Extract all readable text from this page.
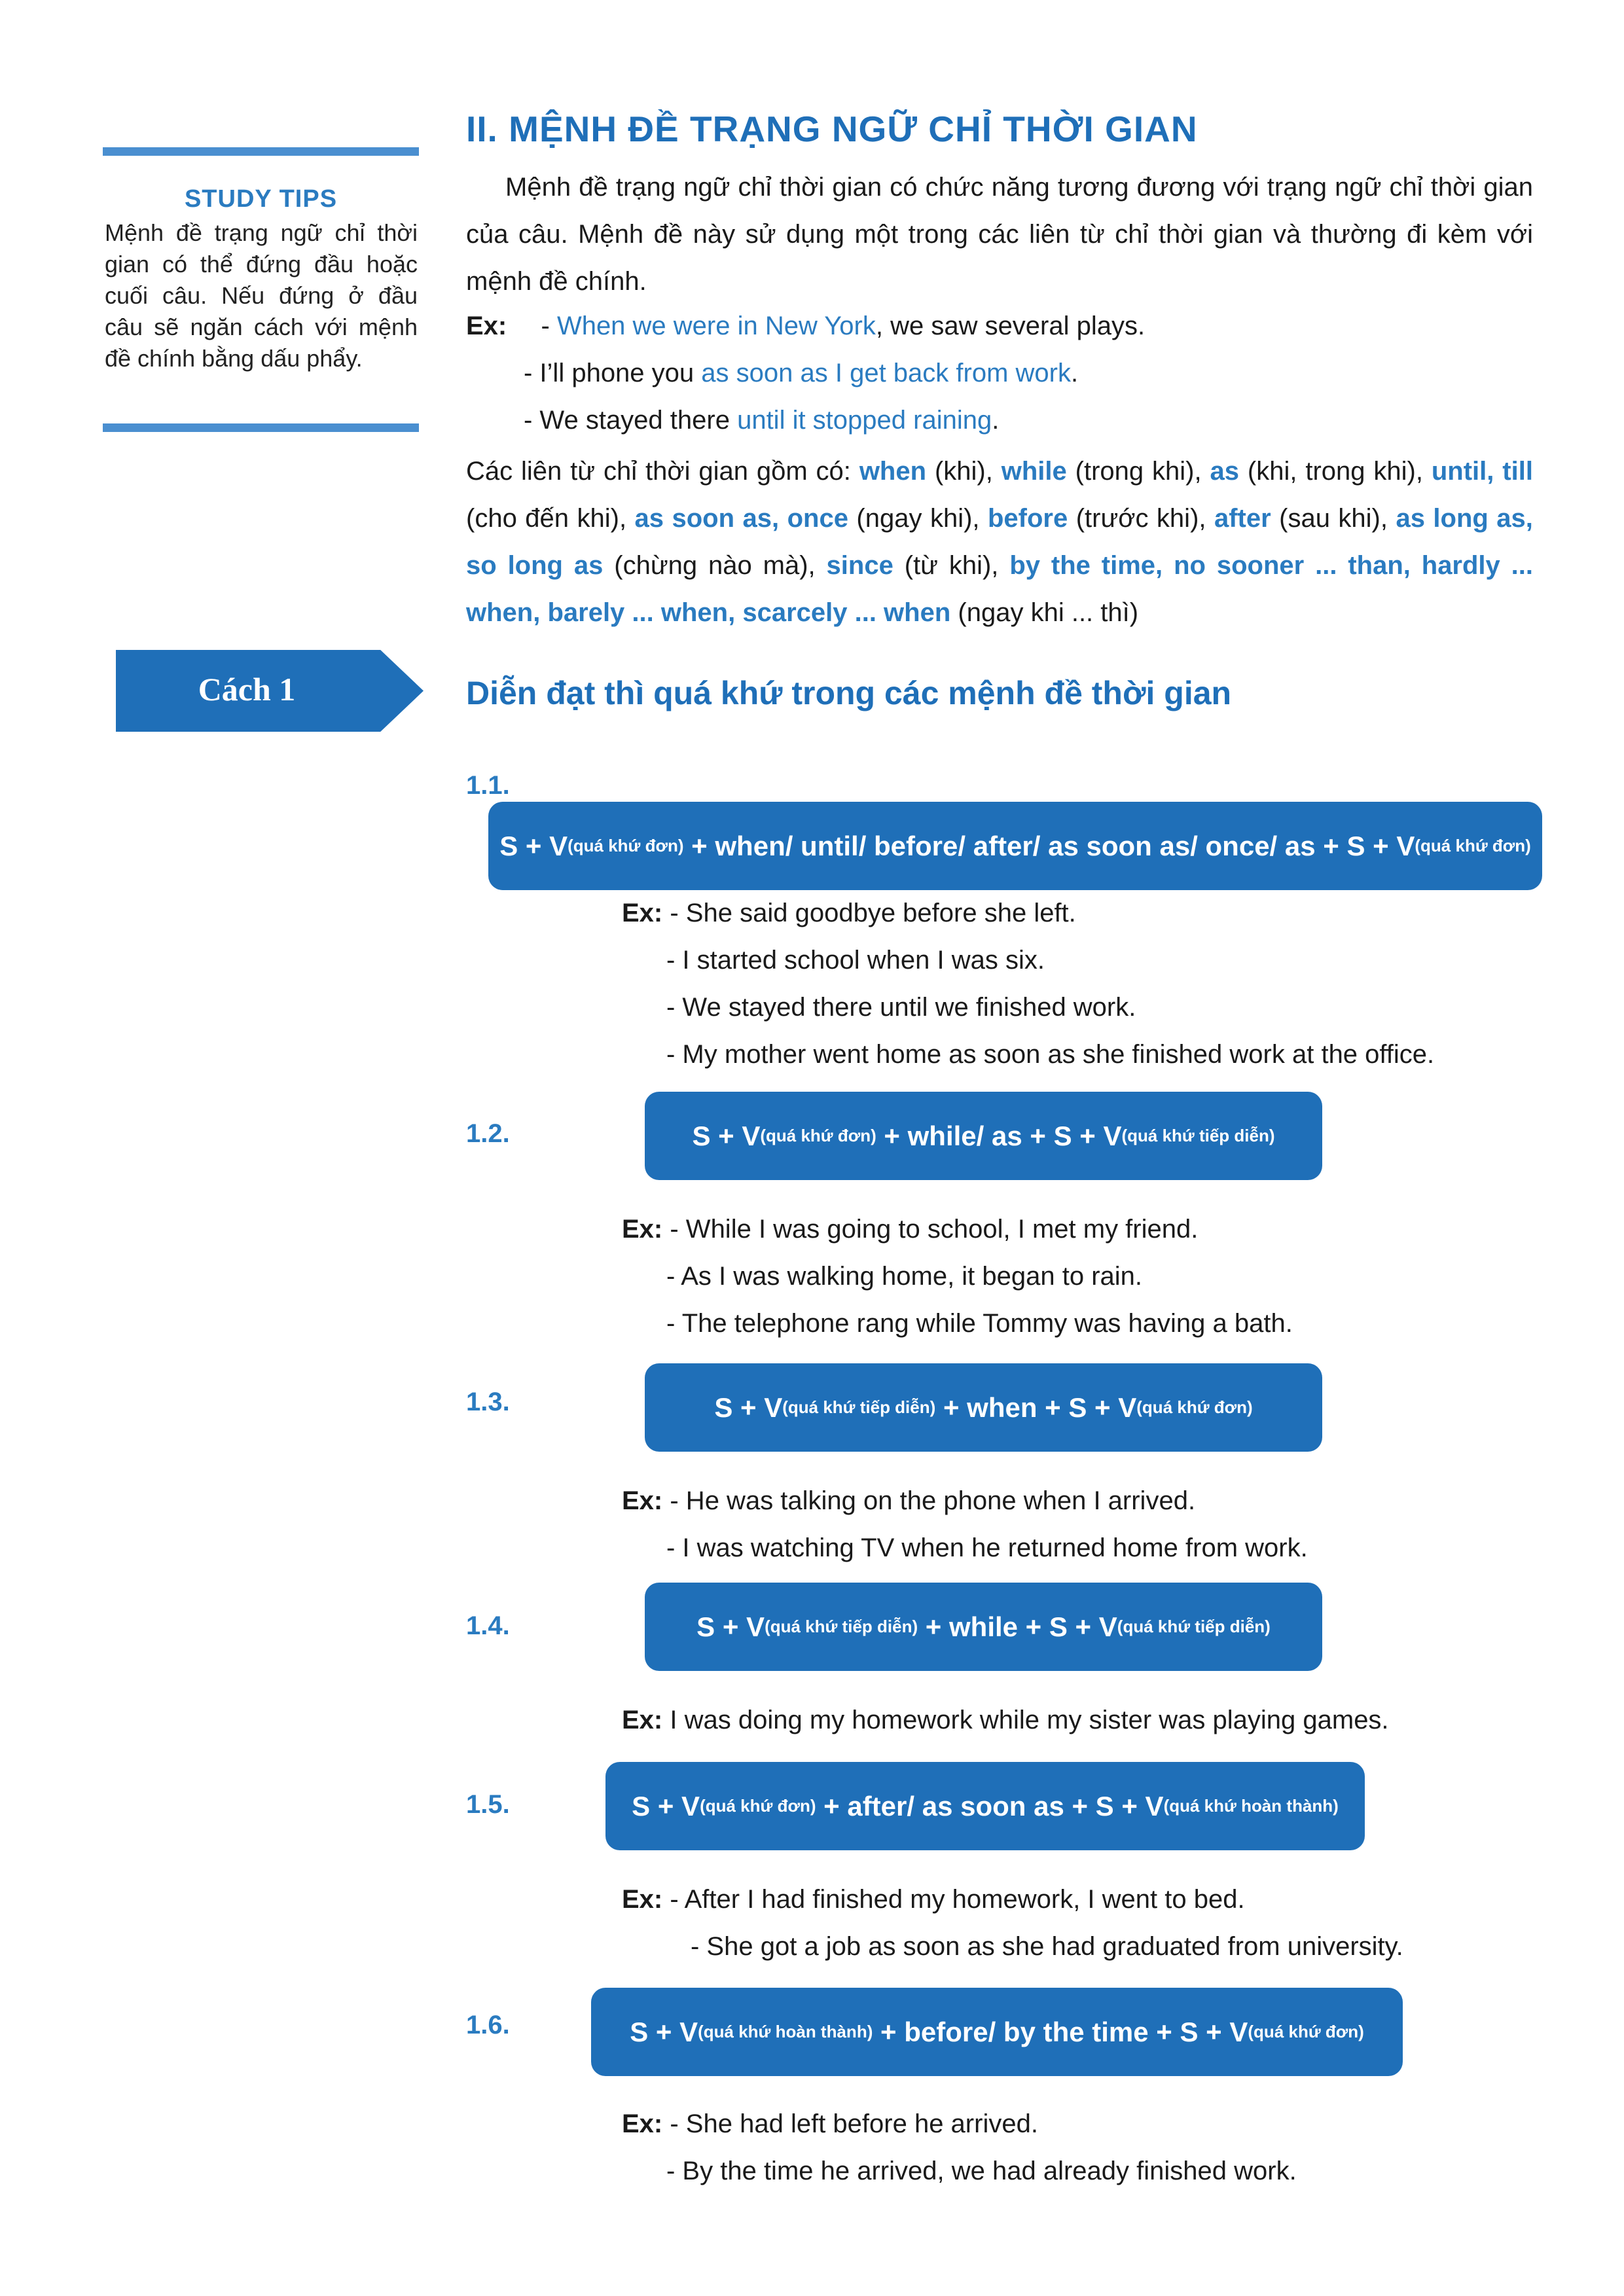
STUDY TIPS
Mệnh đề trạng ngữ chỉ thời gian có thể đứng đầu hoặc cuối câu. Nếu đứng ở đầu câu sẽ ngăn cách với mệnh đề chính bằng dấu phẩy.
II. MỆNH ĐỀ TRẠNG NGỮ CHỈ THỜI GIAN
Mệnh đề trạng ngữ chỉ thời gian có chức năng tương đương với trạng ngữ chỉ thời gian của câu. Mệnh đề này sử dụng một trong các liên từ chỉ thời gian và thường đi kèm với mệnh đề chính.
Ex: - When we were in New York, we saw several plays.
- I’ll phone you as soon as I get back from work.
- We stayed there until it stopped raining.
Các liên từ chỉ thời gian gồm có: when (khi), while (trong khi), as (khi, trong khi), until, till (cho đến khi), as soon as, once (ngay khi), before (trước khi), after (sau khi), as long as, so long as (chừng nào mà), since (từ khi), by the time, no sooner ... than, hardly ... when, barely ... when, scarcely ... when (ngay khi ... thì)
Cách 1	Diễn đạt thì quá khứ trong các mệnh đề thời gian
1.1.
S + V (quá khứ đơn) + when/ until/ before/ after/ as soon as/ once/ as + S + V (quá khứ đơn)
Ex: - She said goodbye before she left.
- I started school when I was six.
- We stayed there until we finished work.
- My mother went home as soon as she finished work at the office.
1.2.	S + V (quá khứ đơn) + while/ as + S + V (quá khứ tiếp diễn)
Ex: - While I was going to school, I met my friend.
- As I was walking home, it began to rain.
- The telephone rang while Tommy was having a bath.
1.3.	S + V (quá khứ tiếp diễn) + when + S + V (quá khứ đơn)
Ex: - He was talking on the phone when I arrived.
- I was watching TV when he returned home from work.
1.4.	S + V (quá khứ tiếp diễn) + while + S + V (quá khứ tiếp diễn)
Ex: I was doing my homework while my sister was playing games.
1.5.	S + V (quá khứ đơn) + after/ as soon as + S + V (quá khứ hoàn thành)
Ex: - After I had finished my homework, I went to bed.
- She got a job as soon as she had graduated from university.
1.6.	S + V (quá khứ hoàn thành) + before/ by the time + S + V (quá khứ đơn)
Ex: - She had left before he arrived.
- By the time he arrived, we had already finished work.
